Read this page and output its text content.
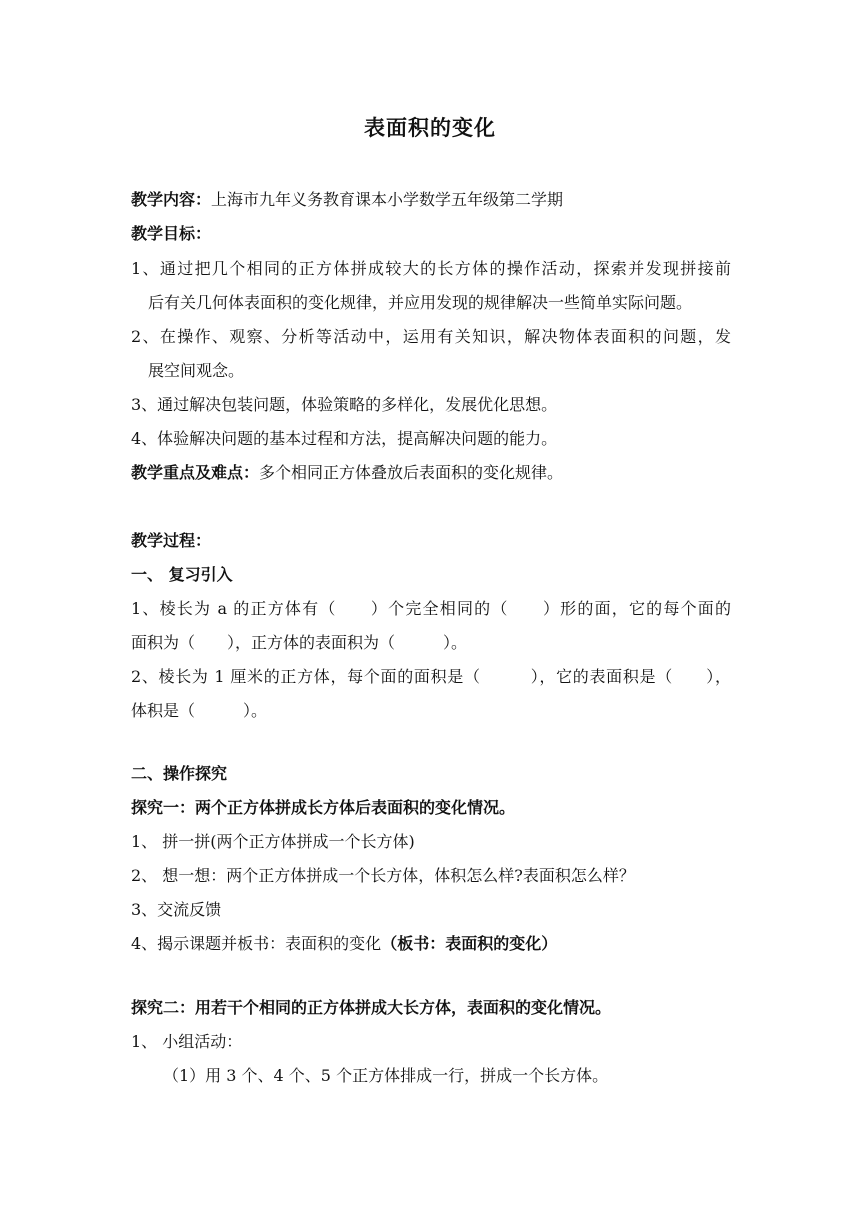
表面积的变化
教学内容：上海市九年义务教育课本小学数学五年级第二学期
教学目标：
1、通过把几个相同的正方体拼成较大的长方体的操作活动，探索并发现拼接前
后有关几何体表面积的变化规律，并应用发现的规律解决一些简单实际问题。
2、在操作、观察、分析等活动中，运用有关知识，解决物体表面积的问题，发
展空间观念。
3、通过解决包装问题，体验策略的多样化，发展优化思想。
4、体验解决问题的基本过程和方法，提高解决问题的能力。
教学重点及难点：多个相同正方体叠放后表面积的变化规律。
教学过程：
一、 复习引入
1、棱长为 a 的正方体有（　　）个完全相同的（　　）形的面，它的每个面的
面积为（　　），正方体的表面积为（　　　）。
2、棱长为 1 厘米的正方体，每个面的面积是（　　　），它的表面积是（　　），
体积是（　　　）。
二、操作探究
探究一：两个正方体拼成长方体后表面积的变化情况。
1、 拼一拼(两个正方体拼成一个长方体)
2、 想一想：两个正方体拼成一个长方体，体积怎么样?表面积怎么样？
3、交流反馈
4、揭示课题并板书：表面积的变化（板书：表面积的变化）
探究二：用若干个相同的正方体拼成大长方体，表面积的变化情况。
1、 小组活动：
（1）用 3 个、4 个、5 个正方体排成一行，拼成一个长方体。
